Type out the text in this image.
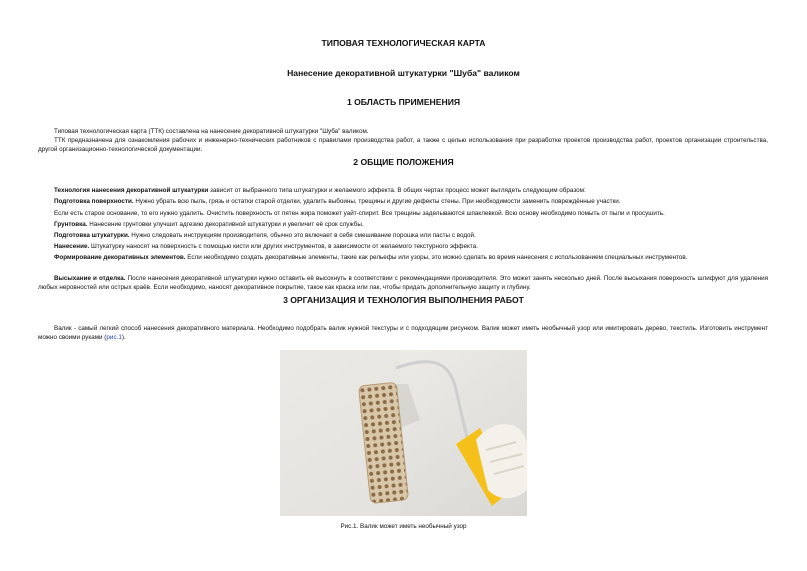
ТИПОВАЯ ТЕХНОЛОГИЧЕСКАЯ КАРТА
Нанесение декоративной штукатурки "Шуба" валиком
1 ОБЛАСТЬ ПРИМЕНЕНИЯ

Типовая технологическая карта (ТТК) составлена на нанесение декоративной штукатурки "Шуба" валиком.

ТТК предназначена для ознакомления рабочих и инженерно-технических работников с правилами производства работ, а также с целью использования при разработке проектов производства работ, проектов организации строительства, другой организационно-технологической документации.

2 ОБЩИЕ ПОЛОЖЕНИЯ

Технология нанесения декоративной штукатурки зависит от выбранного типа штукатурки и желаемого эффекта. В общих чертах процесс может выглядеть следующим образом:

Подготовка поверхности. Нужно убрать всю пыль, грязь и остатки старой отделки, удалить выбоины, трещины и другие дефекты стены. При необходимости заменить повреждённые участки.

Если есть старое основание, то его нужно удалить. Очистить поверхность от пятен жира поможет уайт-спирит. Все трещины заделываются шпаклевкой. Всю основу необходимо помыть от пыли и просушить.

Грунтовка. Нанесение грунтовки улучшит адгезию декоративной штукатурки и увеличит её срок службы.

Подготовка штукатурки. Нужно следовать инструкциям производителя, обычно это включает в себя смешивание порошка или пасты с водой.

Нанесение. Штукатурку наносят на поверхность с помощью кисти или других инструментов, в зависимости от желаемого текстурного эффекта.

Формирование декоративных элементов. Если необходимо создать декоративные элементы, такие как рельефы или узоры, это можно сделать во время нанесения с использованием специальных инструментов.

Высыхание и отделка. После нанесения декоративной штукатурки нужно оставить её высохнуть в соответствии с рекомендациями производителя. Это может занять несколько дней. После высыхания поверхность шлифуют для удаления любых неровностей или острых краёв. Если необходимо, наносят декоративное покрытие, такое как краска или лак, чтобы придать дополнительную защиту и глубину.

3 ОРГАНИЗАЦИЯ И ТЕХНОЛОГИЯ ВЫПОЛНЕНИЯ РАБОТ

Валик - самый легкий способ нанесения декоративного материала. Необходимо подобрать валик нужной текстуры и с подходящим рисунком. Валик может иметь необычный узор или имитировать дерево, текстиль. Изготовить инструмент можно своими руками (рис.1).

Рис.1. Валик может иметь необычный узор
